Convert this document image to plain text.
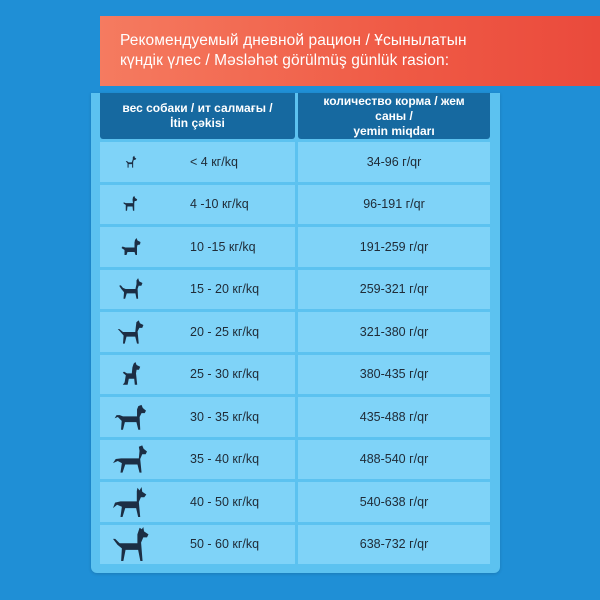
Рекомендуемый дневной рацион / Ұсынылатын
күндік үлес / Məsləhət görülmüş günlük rasion:
вес собаки / ит салмағы /
İtin çəkisi
количество корма / жем саны /
yemin miqdarı
< 4 кг/kq	34-96 г/qr
4 -10 кг/kq	96-191 г/qr
10 -15 кг/kq	191-259 г/qr
15 - 20 кг/kq	259-321 г/qr
20 - 25 кг/kq	321-380 г/qr
25 - 30 кг/kq	380-435 г/qr
30 - 35 кг/kq	435-488 г/qr
35 - 40 кг/kq	488-540 г/qr
40 - 50 кг/kq	540-638 г/qr
50 - 60 кг/kq	638-732 г/qr
